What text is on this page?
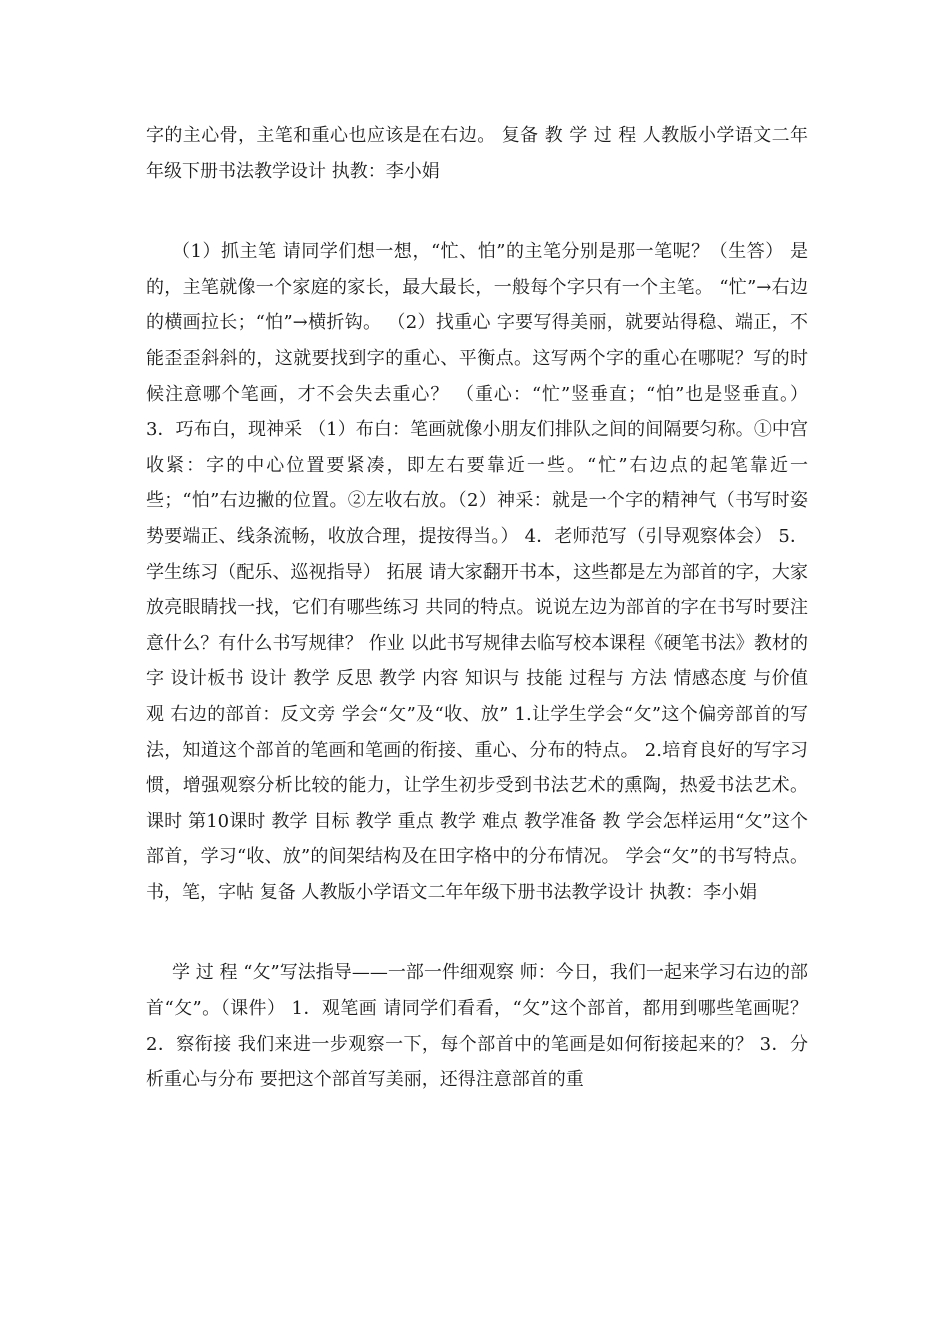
字的主心骨，主笔和重心也应该是在右边。 复备 教 学 过 程 人教版小学语文二年年级下册书法教学设计 执教：李小娟

（1）抓主笔 请同学们想一想，“忙、怕”的主笔分别是那一笔呢？（生答） 是的，主笔就像一个家庭的家长，最大最长，一般每个字只有一个主笔。 “忙”→右边的横画拉长；“怕”→横折钩。 （2）找重心 字要写得美丽，就要站得稳、端正，不能歪歪斜斜的，这就要找到字的重心、平衡点。这写两个字的重心在哪呢？写的时候注意哪个笔画，才不会失去重心？ （重心：“忙”竖垂直；“怕”也是竖垂直。） 3．巧布白，现神采 （1）布白：笔画就像小朋友们排队之间的间隔要匀称。①中宫收紧：字的中心位置要紧凑，即左右要靠近一些。“忙”右边点的起笔靠近一些；“怕”右边撇的位置。②左收右放。（2）神采：就是一个字的精神气（书写时姿势要端正、线条流畅，收放合理，提按得当。） 4．老师范写（引导观察体会） 5．学生练习（配乐、巡视指导） 拓展 请大家翻开书本，这些都是左为部首的字，大家放亮眼睛找一找，它们有哪些练习 共同的特点。说说左边为部首的字在书写时要注意什么？有什么书写规律？ 作业 以此书写规律去临写校本课程《硬笔书法》教材的字 设计板书 设计 教学 反思 教学 内容 知识与 技能 过程与 方法 情感态度 与价值观 右边的部首：反文旁 学会“攵”及“收、放” 1.让学生学会“攵”这个偏旁部首的写法，知道这个部首的笔画和笔画的衔接、重心、分布的特点。 2.培育良好的写字习惯，增强观察分析比较的能力，让学生初步受到书法艺术的熏陶，热爱书法艺术。 课时 第10课时 教学 目标 教学 重点 教学 难点 教学准备 教 学会怎样运用“攵”这个部首，学习“收、放”的间架结构及在田字格中的分布情况。 学会“攵”的书写特点。 书，笔，字帖 复备 人教版小学语文二年年级下册书法教学设计 执教：李小娟

学 过 程 “攵”写法指导——一部一件细观察 师：今日，我们一起来学习右边的部首“攵”。（课件） 1．观笔画 请同学们看看，“攵”这个部首，都用到哪些笔画呢？ 2．察衔接 我们来进一步观察一下，每个部首中的笔画是如何衔接起来的？ 3．分析重心与分布 要把这个部首写美丽，还得注意部首的重
